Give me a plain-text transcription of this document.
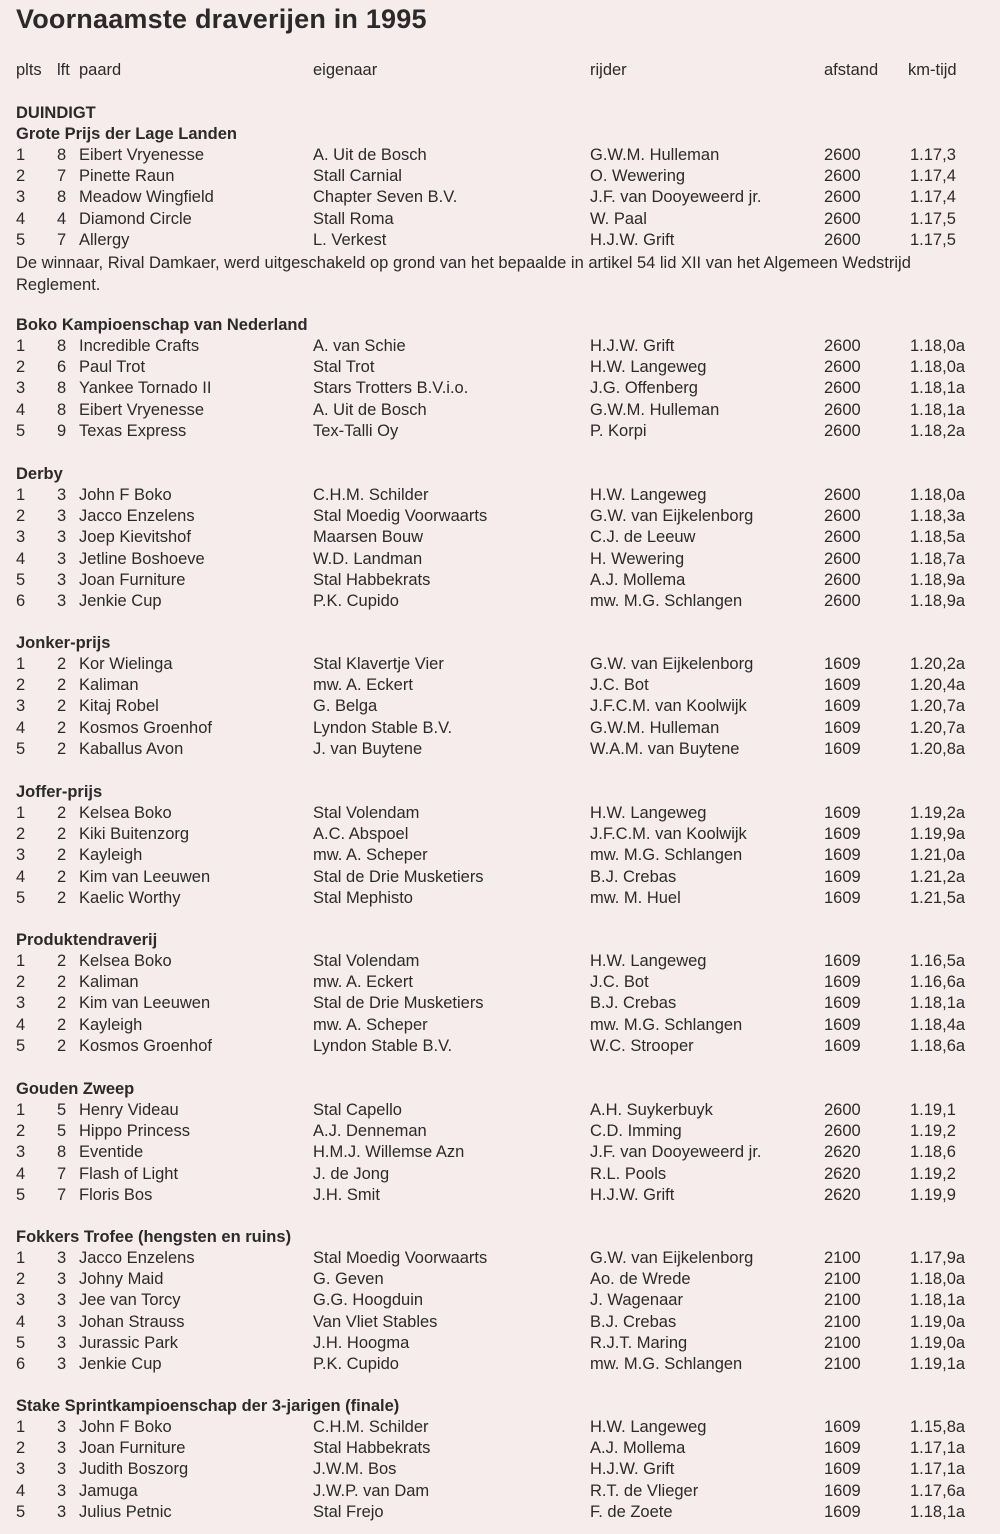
Voornaamste draverijen in 1995
plts lft paard	eigenaar	rijder	afstand km-tijd
DUINDIGT
De winnaar, Rival Damkaer, werd uitgeschakeld op grond van het bepaalde in artikel 54 lid XII van het Algemeen Wedstrijd Reglement.
Grote Prijs der Lage Landen
1 8 Eibert Vryenesse	A. Uit de Bosch	G.W.M. Hulleman	2600	1.17,3
2 7 Pinette Raun	Stall Carnial	O. Wewering	2600	1.17,4
3 8 Meadow Wingfield	Chapter Seven B.V.	J.F. van Dooyeweerd jr.	2600	1.17,4
4 4 Diamond Circle	Stall Roma	W. Paal	2600	1.17,5
5 7 Allergy	L. Verkest	H.J.W. Grift	2600	1.17,5
Boko Kampioenschap van Nederland
1 8 Incredible Crafts	A. van Schie	H.J.W. Grift	2600	1.18,0a
2 6 Paul Trot	Stal Trot	H.W. Langeweg	2600	1.18,0a
3 8 Yankee Tornado II	Stars Trotters B.V.i.o.	J.G. Offenberg	2600	1.18,1a
4 8 Eibert Vryenesse	A. Uit de Bosch	G.W.M. Hulleman	2600	1.18,1a
5 9 Texas Express	Tex-Talli Oy	P. Korpi	2600	1.18,2a
Derby
1 3 John F Boko	C.H.M. Schilder	H.W. Langeweg	2600	1.18,0a
2 3 Jacco Enzelens	Stal Moedig Voorwaarts	G.W. van Eijkelenborg	2600	1.18,3a
3 3 Joep Kievitshof	Maarsen Bouw	C.J. de Leeuw	2600	1.18,5a
4 3 Jetline Boshoeve	W.D. Landman	H. Wewering	2600	1.18,7a
5 3 Joan Furniture	Stal Habbekrats	A.J. Mollema	2600	1.18,9a
6 3 Jenkie Cup	P.K. Cupido	mw. M.G. Schlangen	2600	1.18,9a
Jonker-prijs
1 2 Kor Wielinga	Stal Klavertje Vier	G.W. van Eijkelenborg	1609	1.20,2a
2 2 Kaliman	mw. A. Eckert	J.C. Bot	1609	1.20,4a
3 2 Kitaj Robel	G. Belga	J.F.C.M. van Koolwijk	1609	1.20,7a
4 2 Kosmos Groenhof	Lyndon Stable B.V.	G.W.M. Hulleman	1609	1.20,7a
5 2 Kaballus Avon	J. van Buytene	W.A.M. van Buytene	1609	1.20,8a
Joffer-prijs
1 2 Kelsea Boko	Stal Volendam	H.W. Langeweg	1609	1.19,2a
2 2 Kiki Buitenzorg	A.C. Abspoel	J.F.C.M. van Koolwijk	1609	1.19,9a
3 2 Kayleigh	mw. A. Scheper	mw. M.G. Schlangen	1609	1.21,0a
4 2 Kim van Leeuwen	Stal de Drie Musketiers	B.J. Crebas	1609	1.21,2a
5 2 Kaelic Worthy	Stal Mephisto	mw. M. Huel	1609	1.21,5a
Produktendraverij
1 2 Kelsea Boko	Stal Volendam	H.W. Langeweg	1609	1.16,5a
2 2 Kaliman	mw. A. Eckert	J.C. Bot	1609	1.16,6a
3 2 Kim van Leeuwen	Stal de Drie Musketiers	B.J. Crebas	1609	1.18,1a
4 2 Kayleigh	mw. A. Scheper	mw. M.G. Schlangen	1609	1.18,4a
5 2 Kosmos Groenhof	Lyndon Stable B.V.	W.C. Strooper	1609	1.18,6a
Gouden Zweep
1 5 Henry Videau	Stal Capello	A.H. Suykerbuyk	2600	1.19,1
2 5 Hippo Princess	A.J. Denneman	C.D. Imming	2600	1.19,2
3 8 Eventide	H.M.J. Willemse Azn	J.F. van Dooyeweerd jr.	2620	1.18,6
4 7 Flash of Light	J. de Jong	R.L. Pools	2620	1.19,2
5 7 Floris Bos	J.H. Smit	H.J.W. Grift	2620	1.19,9
Fokkers Trofee (hengsten en ruins)
1 3 Jacco Enzelens	Stal Moedig Voorwaarts	G.W. van Eijkelenborg	2100	1.17,9a
2 3 Johny Maid	G. Geven	Ao. de Wrede	2100	1.18,0a
3 3 Jee van Torcy	G.G. Hoogduin	J. Wagenaar	2100	1.18,1a
4 3 Johan Strauss	Van Vliet Stables	B.J. Crebas	2100	1.19,0a
5 3 Jurassic Park	J.H. Hoogma	R.J.T. Maring	2100	1.19,0a
6 3 Jenkie Cup	P.K. Cupido	mw. M.G. Schlangen	2100	1.19,1a
Stake Sprintkampioenschap der 3-jarigen (finale)
1 3 John F Boko	C.H.M. Schilder	H.W. Langeweg	1609	1.15,8a
2 3 Joan Furniture	Stal Habbekrats	A.J. Mollema	1609	1.17,1a
3 3 Judith Boszorg	J.W.M. Bos	H.J.W. Grift	1609	1.17,1a
4 3 Jamuga	J.W.P. van Dam	R.T. de Vlieger	1609	1.17,6a
5 3 Julius Petnic	Stal Frejo	F. de Zoete	1609	1.18,1a
